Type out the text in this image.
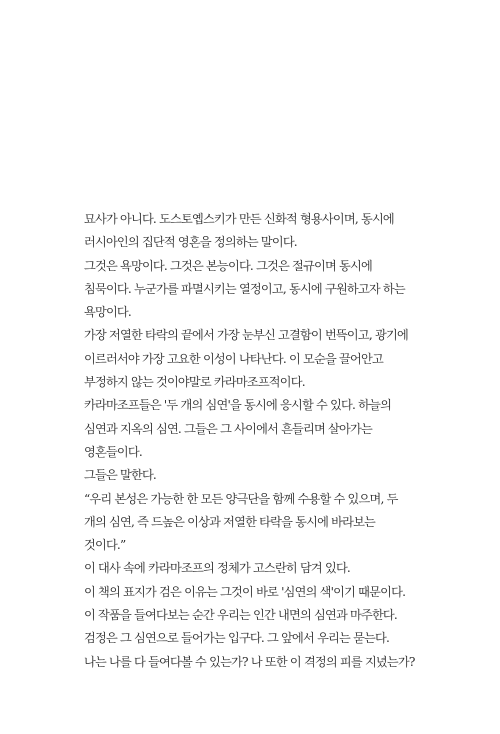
묘사가 아니다. 도스토옙스키가 만든 신화적 형용사이며, 동시에
러시아인의 집단적 영혼을 정의하는 말이다.
그것은 욕망이다. 그것은 본능이다. 그것은 절규이며 동시에
침묵이다. 누군가를 파멸시키는 열정이고, 동시에 구원하고자 하는
욕망이다.
가장 저열한 타락의 끝에서 가장 눈부신 고결함이 번뜩이고, 광기에
이르러서야 가장 고요한 이성이 나타난다. 이 모순을 끌어안고
부정하지 않는 것이야말로 카라마조프적이다.
카라마조프들은 '두 개의 심연'을 동시에 응시할 수 있다. 하늘의
심연과 지옥의 심연. 그들은 그 사이에서 흔들리며 살아가는
영혼들이다.
그들은 말한다.
“우리 본성은 가능한 한 모든 양극단을 함께 수용할 수 있으며, 두
개의 심연, 즉 드높은 이상과 저열한 타락을 동시에 바라보는
것이다.”
이 대사 속에 카라마조프의 정체가 고스란히 담겨 있다.
이 책의 표지가 검은 이유는 그것이 바로 '심연의 색'이기 때문이다.
이 작품을 들여다보는 순간 우리는 인간 내면의 심연과 마주한다.
검정은 그 심연으로 들어가는 입구다. 그 앞에서 우리는 묻는다.
나는 나를 다 들여다볼 수 있는가? 나 또한 이 격정의 피를 지녔는가?
